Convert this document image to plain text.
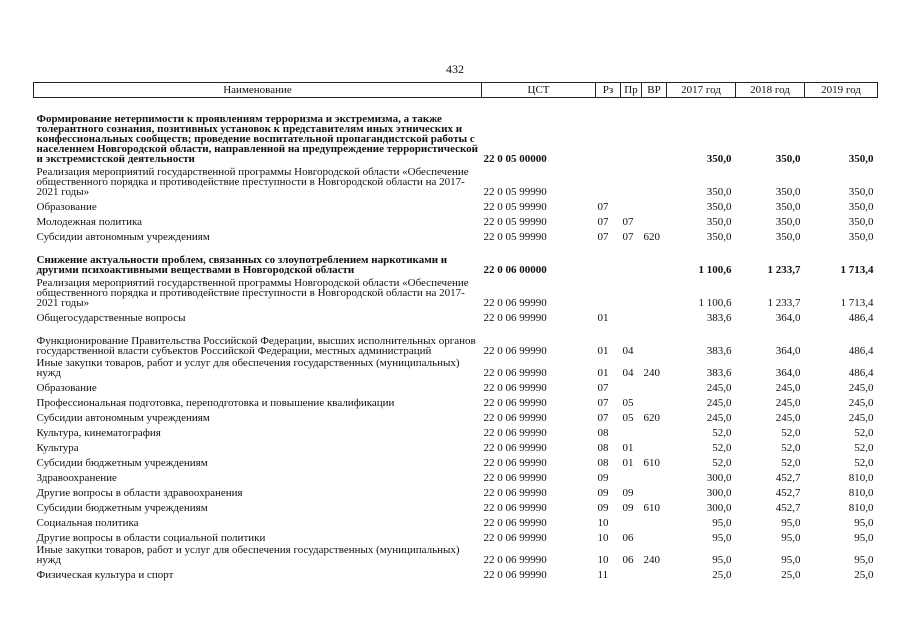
432
Наименование	ЦСТ	Рз	Пр	ВР	2017 год	2018 год	2019 год
Формирование нетерпимости к проявлениям терроризма и экстремизма, а также толерантного сознания, позитивных установок к представителям иных этнических и конфессиональных сообществ; проведение воспитательной пропагандистской работы с населением Новгородской области, направленной на предупреждение террористической и экстремистской деятельности	22 0 05 00000				350,0	350,0	350,0
Реализация мероприятий государственной программы Новгородской области «Обеспечение общественного порядка и противодействие преступности в Новгородской области на 2017-2021 годы»	22 0 05 99990				350,0	350,0	350,0
Образование	22 0 05 99990	07			350,0	350,0	350,0
Молодежная политика	22 0 05 99990	07	07		350,0	350,0	350,0
Субсидии автономным учреждениям	22 0 05 99990	07	07	620	350,0	350,0	350,0
Снижение актуальности проблем, связанных со злоупотреблением наркотиками и другими психоактивными веществами в Новгородской области	22 0 06 00000				1 100,6	1 233,7	1 713,4
Реализация мероприятий государственной программы Новгородской области «Обеспечение общественного порядка и противодействие преступности в Новгородской области на 2017-2021 годы»	22 0 06 99990				1 100,6	1 233,7	1 713,4
Общегосударственные вопросы	22 0 06 99990	01			383,6	364,0	486,4
Функционирование Правительства Российской Федерации, высших исполнительных органов государственной власти субъектов Российской Федерации, местных администраций	22 0 06 99990	01	04		383,6	364,0	486,4
Иные закупки товаров, работ и услуг для обеспечения государственных (муниципальных) нужд	22 0 06 99990	01	04	240	383,6	364,0	486,4
Образование	22 0 06 99990	07			245,0	245,0	245,0
Профессиональная подготовка, переподготовка и повышение квалификации	22 0 06 99990	07	05		245,0	245,0	245,0
Субсидии автономным учреждениям	22 0 06 99990	07	05	620	245,0	245,0	245,0
Культура, кинематография	22 0 06 99990	08			52,0	52,0	52,0
Культура	22 0 06 99990	08	01		52,0	52,0	52,0
Субсидии бюджетным учреждениям	22 0 06 99990	08	01	610	52,0	52,0	52,0
Здравоохранение	22 0 06 99990	09			300,0	452,7	810,0
Другие вопросы в области здравоохранения	22 0 06 99990	09	09		300,0	452,7	810,0
Субсидии бюджетным учреждениям	22 0 06 99990	09	09	610	300,0	452,7	810,0
Социальная политика	22 0 06 99990	10			95,0	95,0	95,0
Другие вопросы в области социальной политики	22 0 06 99990	10	06		95,0	95,0	95,0
Иные закупки товаров, работ и услуг для обеспечения государственных (муниципальных) нужд	22 0 06 99990	10	06	240	95,0	95,0	95,0
Физическая культура и спорт	22 0 06 99990	11			25,0	25,0	25,0
